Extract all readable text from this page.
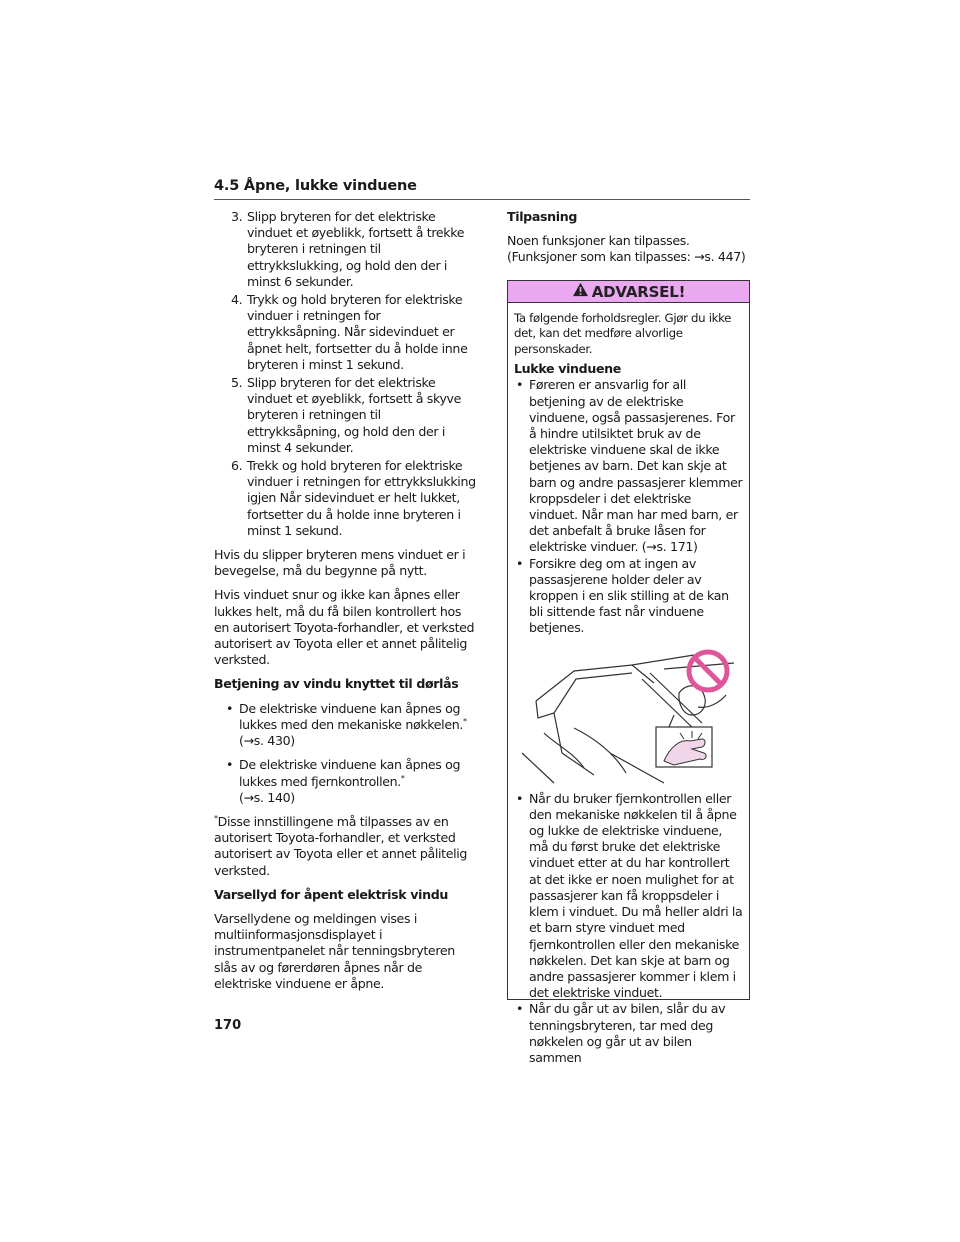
4.5 Åpne, lukke vinduene
3. Slipp bryteren for det elektriske vinduet et øyeblikk, fortsett å trekke bryteren i retningen til ettrykkslukking, og hold den der i minst 6 sekunder.
4. Trykk og hold bryteren for elektriske vinduer i retningen for ettrykksåpning. Når sidevinduet er åpnet helt, fortsetter du å holde inne bryteren i minst 1 sekund.
5. Slipp bryteren for det elektriske vinduet et øyeblikk, fortsett å skyve bryteren i retningen til ettrykksåpning, og hold den der i minst 4 sekunder.
6. Trekk og hold bryteren for elektriske vinduer i retningen for ettrykkslukking igjen Når sidevinduet er helt lukket, fortsetter du å holde inne bryteren i minst 1 sekund.

Hvis du slipper bryteren mens vinduet er i bevegelse, må du begynne på nytt.

Hvis vinduet snur og ikke kan åpnes eller lukkes helt, må du få bilen kontrollert hos en autorisert Toyota-forhandler, et verksted autorisert av Toyota eller et annet pålitelig verksted.

Betjening av vindu knyttet til dørlås
• De elektriske vinduene kan åpnes og lukkes med den mekaniske nøkkelen.*
(→s. 430)
• De elektriske vinduene kan åpnes og lukkes med fjernkontrollen.*
(→s. 140)

*Disse innstillingene må tilpasses av en autorisert Toyota-forhandler, et verksted autorisert av Toyota eller et annet pålitelig verksted.

Varsellyd for åpent elektrisk vindu

Varsellydene og meldingen vises i multiinformasjonsdisplayet i instrumentpanelet når tenningsbryteren slås av og førerdøren åpnes når de elektriske vinduene er åpne.

Tilpasning

Noen funksjoner kan tilpasses. (Funksjoner som kan tilpasses: →s. 447)

ADVARSEL!

Ta følgende forholdsregler. Gjør du ikke det, kan det medføre alvorlige personskader.

Lukke vinduene
• Føreren er ansvarlig for all betjening av de elektriske vinduene, også passasjerenes. For å hindre utilsiktet bruk av de elektriske vinduene skal de ikke betjenes av barn. Det kan skje at barn og andre passasjerer klemmer kroppsdeler i det elektriske vinduet. Når man har med barn, er det anbefalt å bruke låsen for elektriske vinduer. (→s. 171)
• Forsikre deg om at ingen av passasjerene holder deler av kroppen i en slik stilling at de kan bli sittende fast når vinduene betjenes.
• Når du bruker fjernkontrollen eller den mekaniske nøkkelen til å åpne og lukke de elektriske vinduene, må du først bruke det elektriske vinduet etter at du har kontrollert at det ikke er noen mulighet for at passasjerer kan få kroppsdeler i klem i vinduet. Du må heller aldri la et barn styre vinduet med fjernkontrollen eller den mekaniske nøkkelen. Det kan skje at barn og andre passasjerer kommer i klem i det elektriske vinduet.
• Når du går ut av bilen, slår du av tenningsbryteren, tar med deg nøkkelen og går ut av bilen sammen
170
